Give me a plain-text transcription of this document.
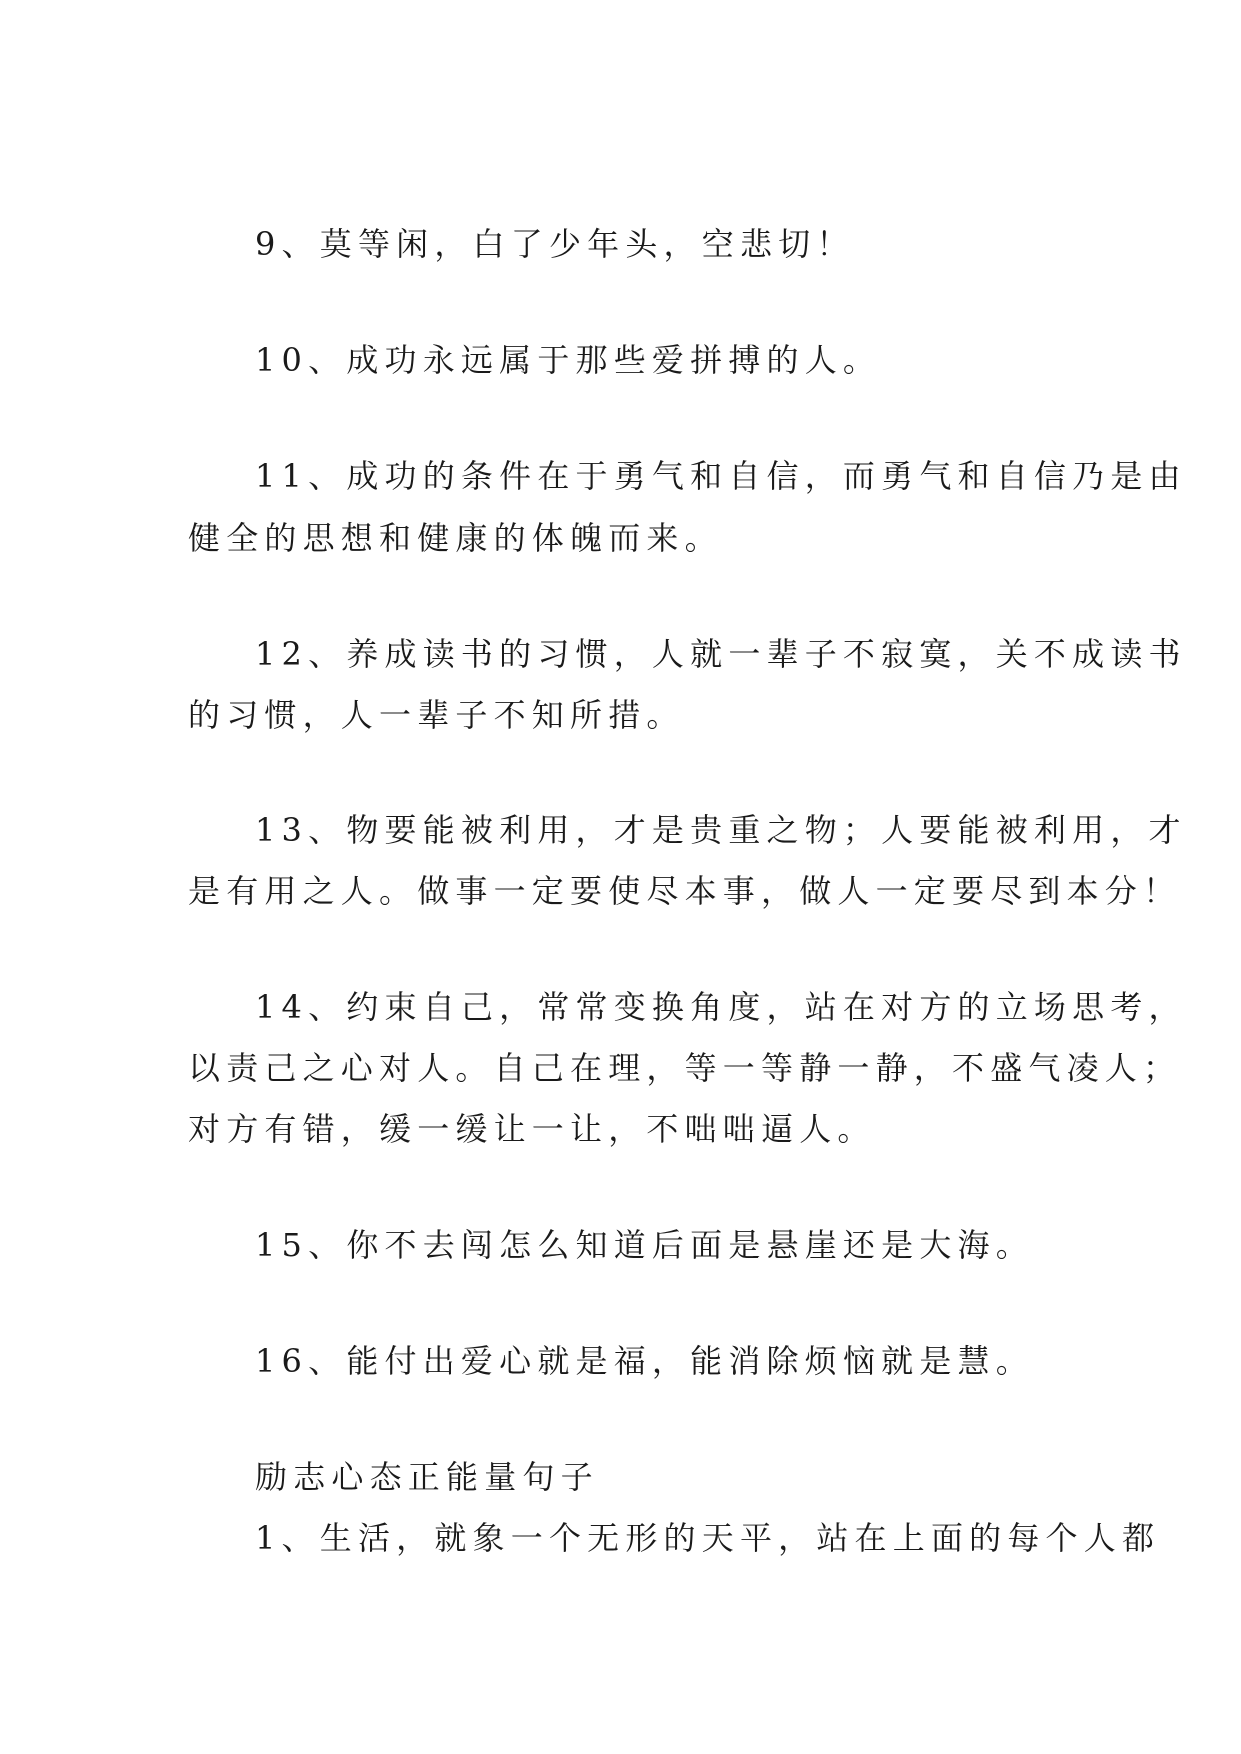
9、莫等闲，白了少年头，空悲切！
10、成功永远属于那些爱拼搏的人。
11、成功的条件在于勇气和自信，而勇气和自信乃是由
健全的思想和健康的体魄而来。
12、养成读书的习惯，人就一辈子不寂寞，关不成读书
的习惯，人一辈子不知所措。
13、物要能被利用，才是贵重之物；人要能被利用，才
是有用之人。做事一定要使尽本事，做人一定要尽到本分！
14、约束自己，常常变换角度，站在对方的立场思考，
以责己之心对人。自己在理，等一等静一静，不盛气凌人；
对方有错，缓一缓让一让，不咄咄逼人。
15、你不去闯怎么知道后面是悬崖还是大海。
16、能付出爱心就是福，能消除烦恼就是慧。
励志心态正能量句子
1、生活，就象一个无形的天平，站在上面的每个人都
